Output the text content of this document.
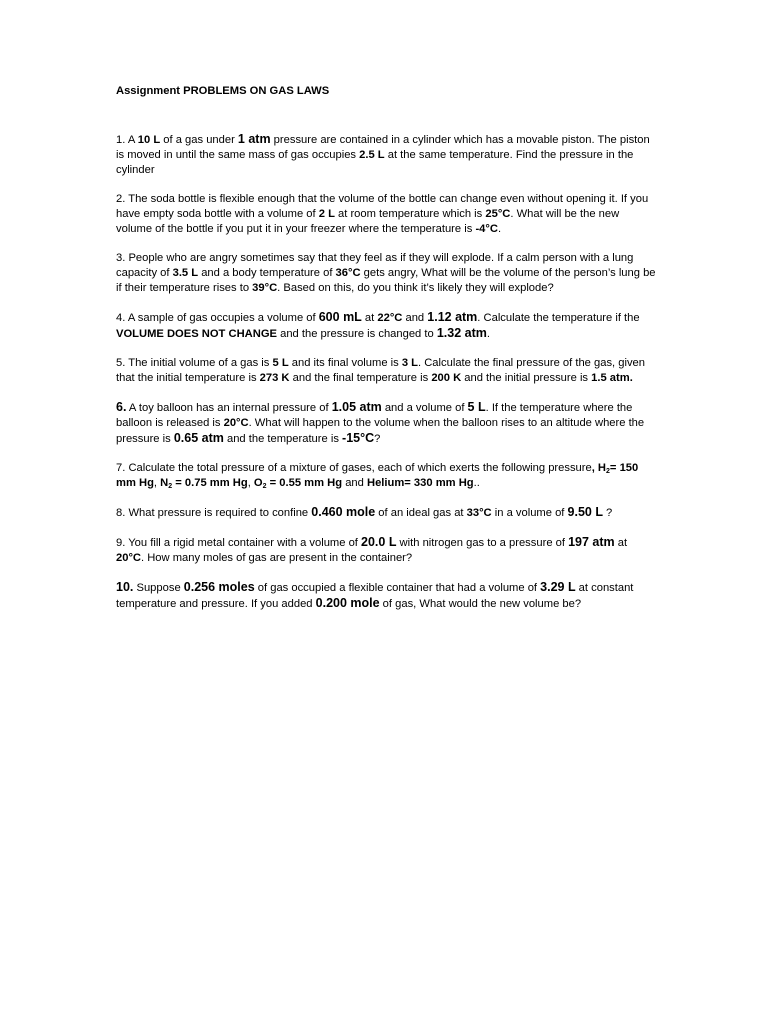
Assignment PROBLEMS ON GAS LAWS

1. A 10 L of a gas under 1 atm pressure are contained in a cylinder which has a movable piston. The piston is moved in until the same mass of gas occupies 2.5 L at the same temperature. Find the pressure in the cylinder

2. The soda bottle is flexible enough that the volume of the bottle can change even without opening it. If you have empty soda bottle with a volume of 2 L at room temperature which is 25°C. What will be the new volume of the bottle if you put it in your freezer where the temperature is -4°C.

3. People who are angry sometimes say that they feel as if they will explode. If a calm person with a lung capacity of 3.5 L and a body temperature of 36°C gets angry, What will be the volume of the person’s lung be if their temperature rises to 39°C. Based on this, do you think it’s likely they will explode?

4. A sample of gas occupies a volume of 600 mL at 22°C and 1.12 atm. Calculate the temperature if the VOLUME DOES NOT CHANGE and the pressure is changed to 1.32 atm.

5. The initial volume of a gas is 5 L and its final volume is 3 L. Calculate the final pressure of the gas, given that the initial temperature is 273 K and the final temperature is 200 K and the initial pressure is 1.5 atm.

6. A toy balloon has an internal pressure of 1.05 atm and a volume of 5 L. If the temperature where the balloon is released is 20°C. What will happen to the volume when the balloon rises to an altitude where the pressure is 0.65 atm and the temperature is -15°C?

7. Calculate the total pressure of a mixture of gases, each of which exerts the following pressure, $H_2= 150$ mm Hg, $N_2 = 0.75$ mm Hg, $O_2 = 0.55$ mm Hg and Helium= 330 mm Hg..

8. What pressure is required to confine 0.460 mole of an ideal gas at 33°C in a volume of 9.50 L ?

9. You fill a rigid metal container with a volume of 20.0 L with nitrogen gas to a pressure of 197 atm at 20°C. How many moles of gas are present in the container?

10. Suppose 0.256 moles of gas occupied a flexible container that had a volume of 3.29 L at constant temperature and pressure. If you added 0.200 mole of gas, What would the new volume be?
